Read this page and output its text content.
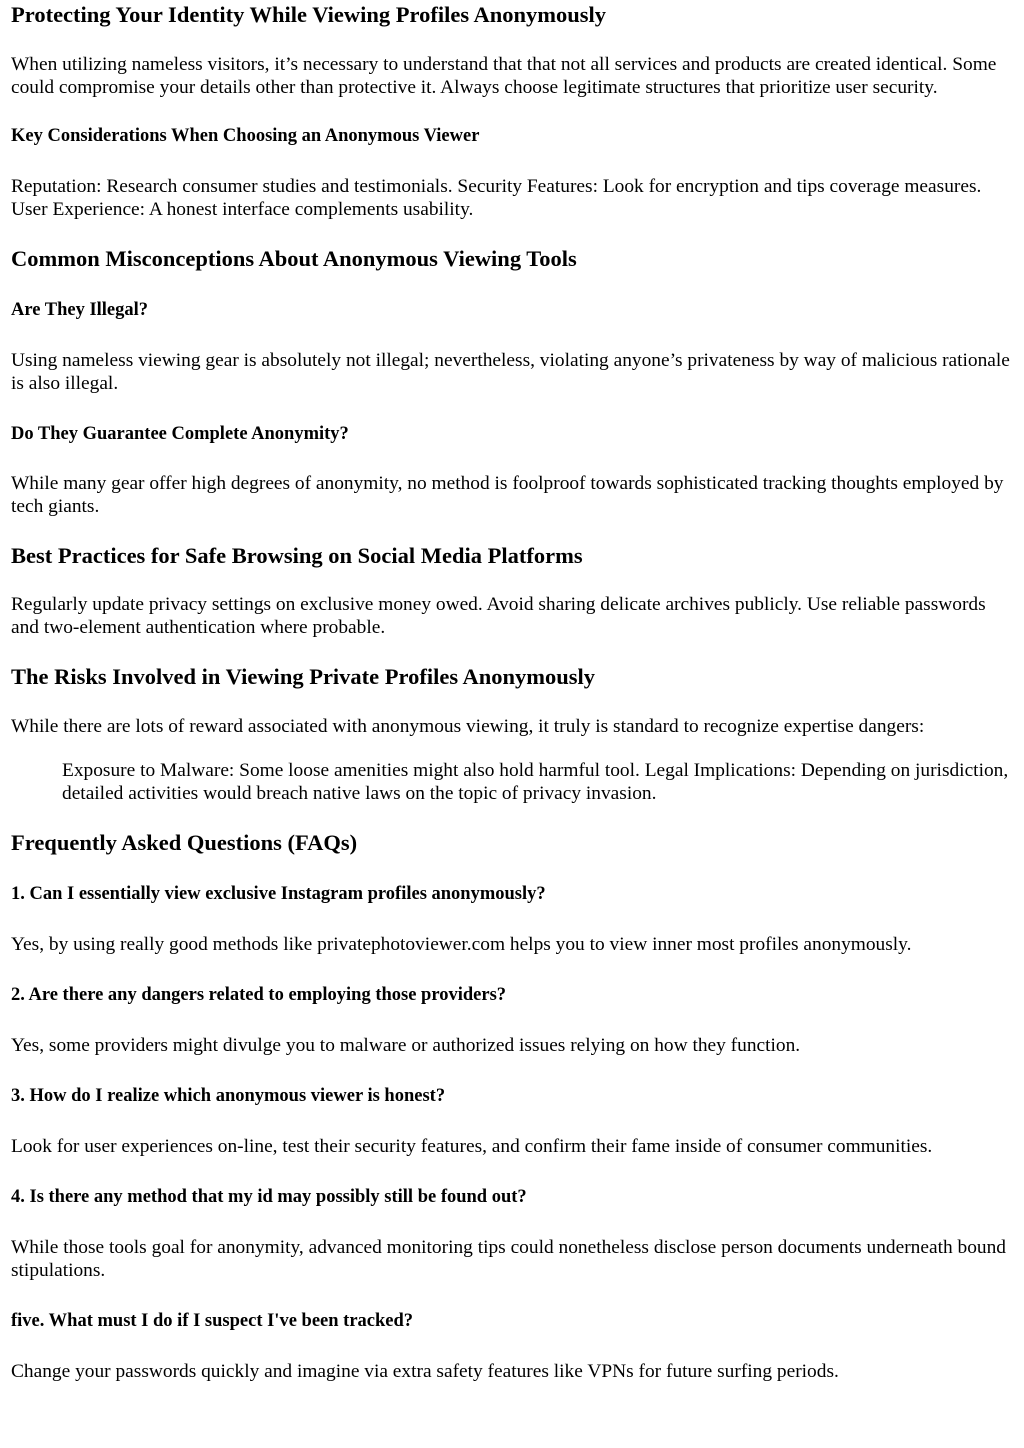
Protecting Your Identity While Viewing Profiles Anonymously

When utilizing nameless visitors, it’s necessary to understand that that not all services and products are created identical. Some could compromise your details other than protective it. Always choose legitimate structures that prioritize user security.

Key Considerations When Choosing an Anonymous Viewer

Reputation: Research consumer studies and testimonials. Security Features: Look for encryption and tips coverage measures. User Experience: A honest interface complements usability.

Common Misconceptions About Anonymous Viewing Tools
Are They Illegal?

Using nameless viewing gear is absolutely not illegal; nevertheless, violating anyone’s privateness by way of malicious rationale is also illegal.

Do They Guarantee Complete Anonymity?

While many gear offer high degrees of anonymity, no method is foolproof towards sophisticated tracking thoughts employed by tech giants.

Best Practices for Safe Browsing on Social Media Platforms

Regularly update privacy settings on exclusive money owed. Avoid sharing delicate archives publicly. Use reliable passwords and two-element authentication where probable.

The Risks Involved in Viewing Private Profiles Anonymously

While there are lots of reward associated with anonymous viewing, it truly is standard to recognize expertise dangers:

Exposure to Malware: Some loose amenities might also hold harmful tool. Legal Implications: Depending on jurisdiction, detailed activities would breach native laws on the topic of privacy invasion.
Frequently Asked Questions (FAQs)
1. Can I essentially view exclusive Instagram profiles anonymously?

Yes, by using really good methods like privatephotoviewer.com helps you to view inner most profiles anonymously.

2. Are there any dangers related to employing those providers?

Yes, some providers might divulge you to malware or authorized issues relying on how they function.

3. How do I realize which anonymous viewer is honest?

Look for user experiences on-line, test their security features, and confirm their fame inside of consumer communities.

4. Is there any method that my id may possibly still be found out?

While those tools goal for anonymity, advanced monitoring tips could nonetheless disclose person documents underneath bound stipulations.

five. What must I do if I suspect I've been tracked?

Change your passwords quickly and imagine via extra safety features like VPNs for future surfing periods.
